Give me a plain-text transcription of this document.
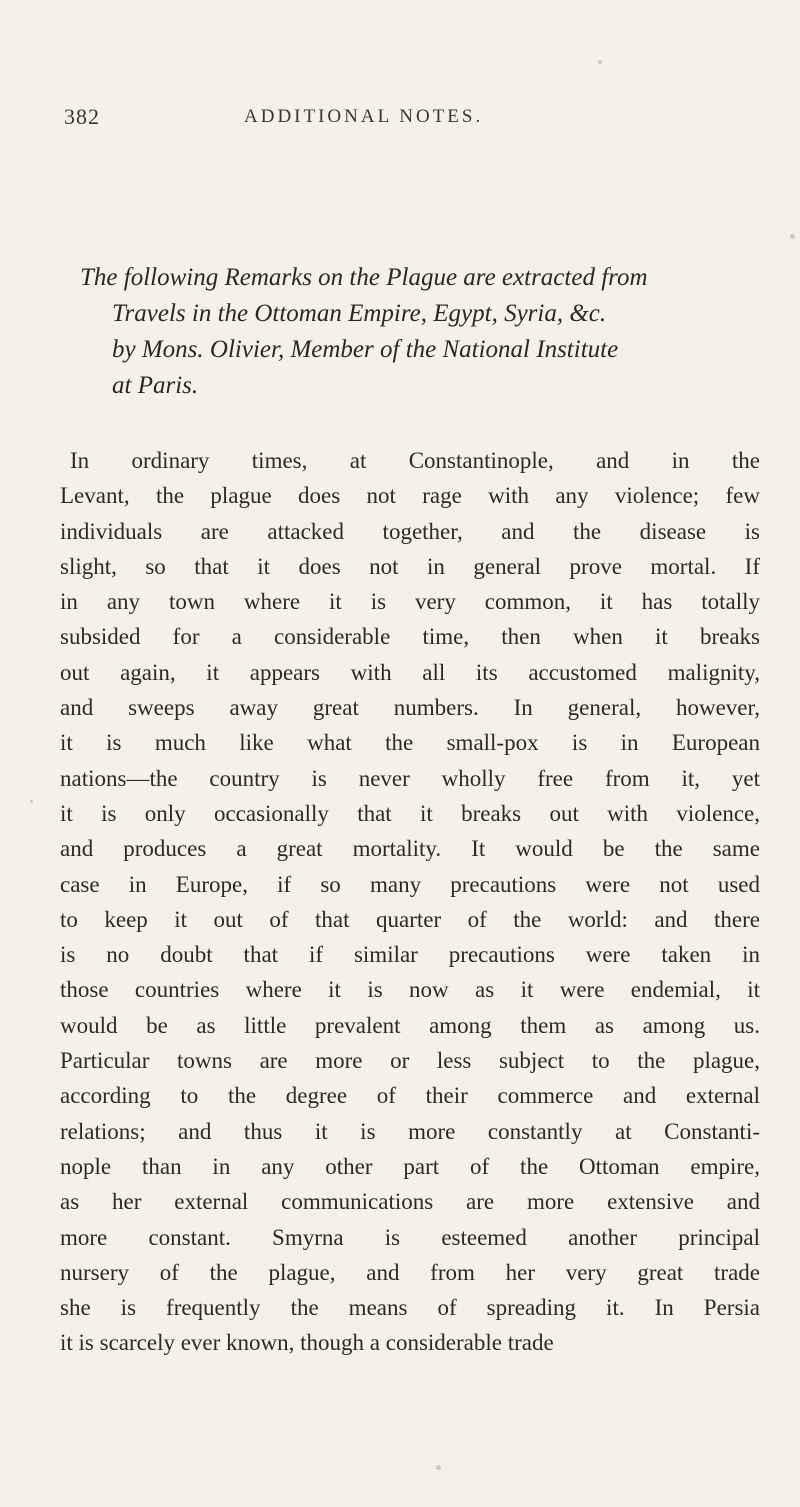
382	ADDITIONAL NOTES.
The following Remarks on the Plague are extracted from
Travels in the Ottoman Empire, Egypt, Syria, &c.
by Mons. Olivier, Member of the National Institute
at Paris.
In ordinary times, at Constantinople, and in the
Levant, the plague does not rage with any violence; few
individuals are attacked together, and the disease is
slight, so that it does not in general prove mortal. If
in any town where it is very common, it has totally
subsided for a considerable time, then when it breaks
out again, it appears with all its accustomed malignity,
and sweeps away great numbers. In general, however,
it is much like what the small-pox is in European
nations—the country is never wholly free from it, yet
it is only occasionally that it breaks out with violence,
and produces a great mortality. It would be the same
case in Europe, if so many precautions were not used
to keep it out of that quarter of the world: and there
is no doubt that if similar precautions were taken in
those countries where it is now as it were endemial, it
would be as little prevalent among them as among us.
Particular towns are more or less subject to the plague,
according to the degree of their commerce and external
relations; and thus it is more constantly at Constanti-
nople than in any other part of the Ottoman empire,
as her external communications are more extensive and
more constant. Smyrna is esteemed another principal
nursery of the plague, and from her very great trade
she is frequently the means of spreading it. In Persia
it is scarcely ever known, though a considerable trade
